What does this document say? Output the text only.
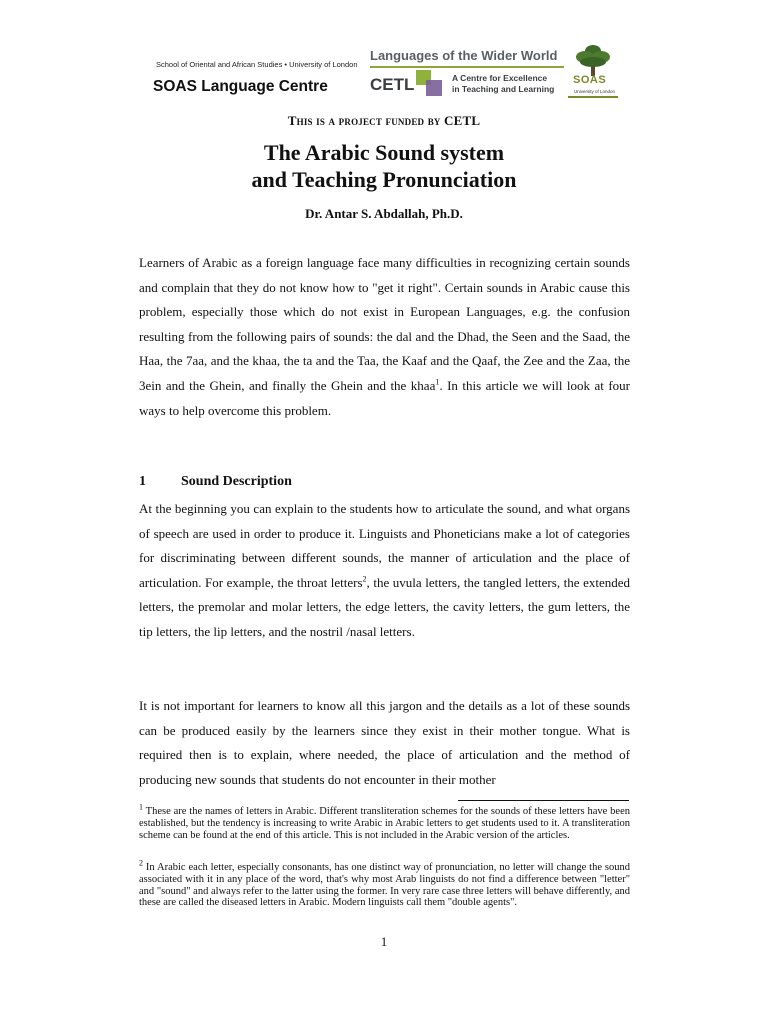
School of Oriental and African Studies • University of London
SOAS Language Centre
Languages of the Wider World
CETL	A Centre for Excellence
in Teaching and Learning
SOAS
University of London
This is a project funded by CETL
The Arabic Sound system
and Teaching Pronunciation
Dr. Antar S. Abdallah, Ph.D.

Learners of Arabic as a foreign language face many difficulties in recognizing certain sounds and complain that they do not know how to "get it right". Certain sounds in Arabic cause this problem, especially those which do not exist in European Languages, e.g. the confusion resulting from the following pairs of sounds: the dal and the Dhad, the Seen and the Saad, the Haa, the 7aa, and the khaa, the ta and the Taa, the Kaaf and the Qaaf, the Zee and the Zaa, the 3ein and the Ghein, and finally the Ghein and the khaa$^1$. In this article we will look at four ways to help overcome this problem.

1	Sound Description

At the beginning you can explain to the students how to articulate the sound, and what organs of speech are used in order to produce it. Linguists and Phoneticians make a lot of categories for discriminating between different sounds, the manner of articulation and the place of articulation. For example, the throat letters$^2$, the uvula letters, the tangled letters, the extended letters, the premolar and molar letters, the edge letters, the cavity letters, the gum letters, the tip letters, the lip letters, and the nostril /nasal letters.

It is not important for learners to know all this jargon and the details as a lot of these sounds can be produced easily by the learners since they exist in their mother tongue. What is required then is to explain, where needed, the place of articulation and the method of producing new sounds that students do not encounter in their mother

$^1$ These are the names of letters in Arabic. Different transliteration schemes for the sounds of these letters have been established, but the tendency is increasing to write Arabic in Arabic letters to get students used to it. A transliteration scheme can be found at the end of this article. This is not included in the Arabic version of the articles.

$^2$ In Arabic each letter, especially consonants, has one distinct way of pronunciation, no letter will change the sound associated with it in any place of the word, that's why most Arab linguists do not find a difference between "letter" and "sound" and always refer to the latter using the former. In very rare case three letters will behave differently, and these are called the diseased letters in Arabic. Modern linguists call them "double agents".

1
